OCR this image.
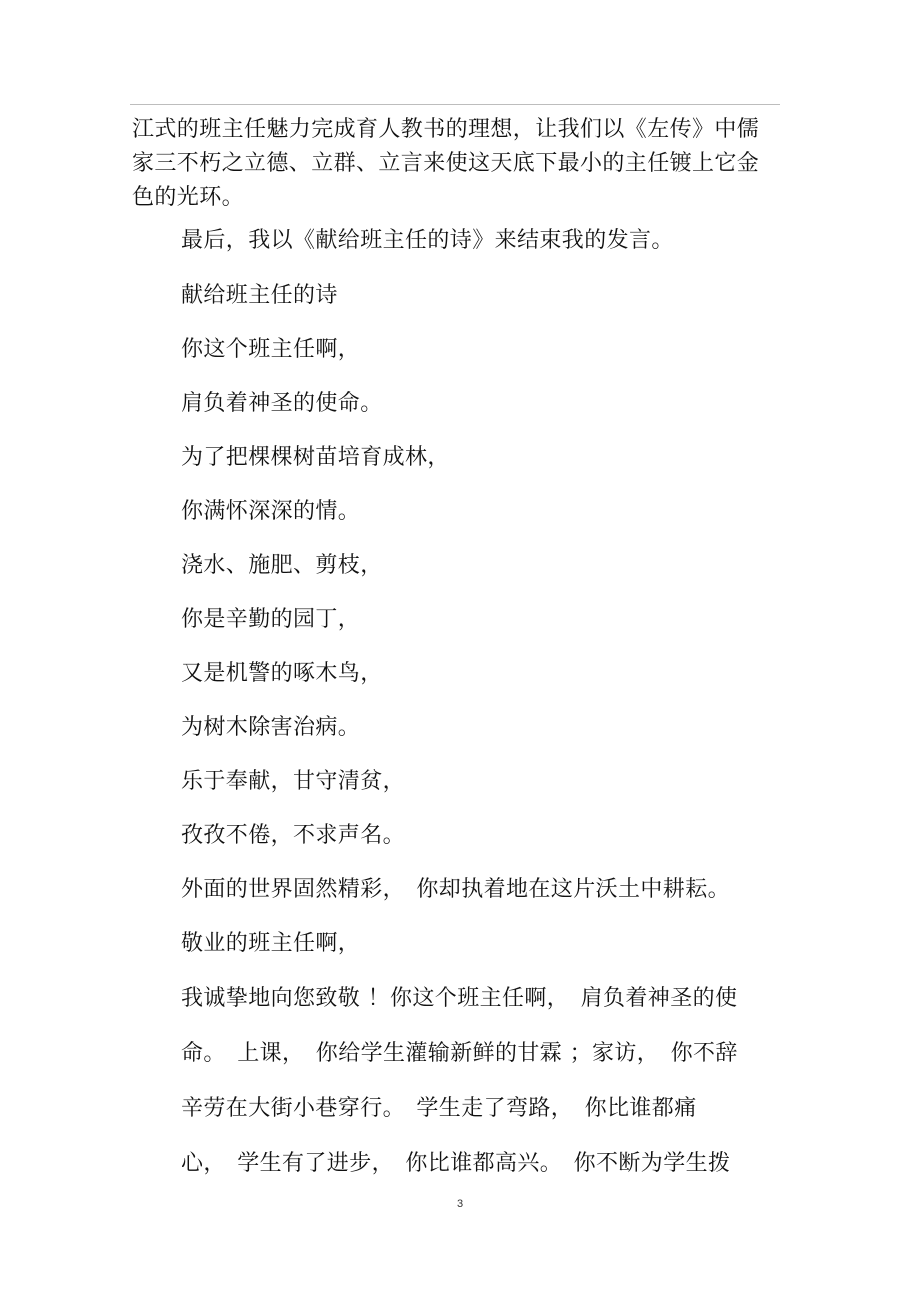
江式的班主任魅力完成育人教书的理想，让我们以《左传》中儒家三不朽之立德、立群、立言来使这天底下最小的主任镀上它金色的光环。

最后，我以《献给班主任的诗》来结束我的发言。

献给班主任的诗

你这个班主任啊，

肩负着神圣的使命。

为了把棵棵树苗培育成林，

你满怀深深的情。

浇水、施肥、剪枝，

你是辛勤的园丁，

又是机警的啄木鸟，

为树木除害治病。

乐于奉献，甘守清贫，

孜孜不倦，不求声名。

外面的世界固然精彩，　你却执着地在这片沃土中耕耘。

敬业的班主任啊，

我诚挚地向您致敬 ！你这个班主任啊，　肩负着神圣的使

命。　上课，　你给学生灌输新鲜的甘霖 ；家访，　你不辞

辛劳在大街小巷穿行。　学生走了弯路，　你比谁都痛

心，　学生有了进步，　你比谁都高兴。　你不断为学生拨

3
